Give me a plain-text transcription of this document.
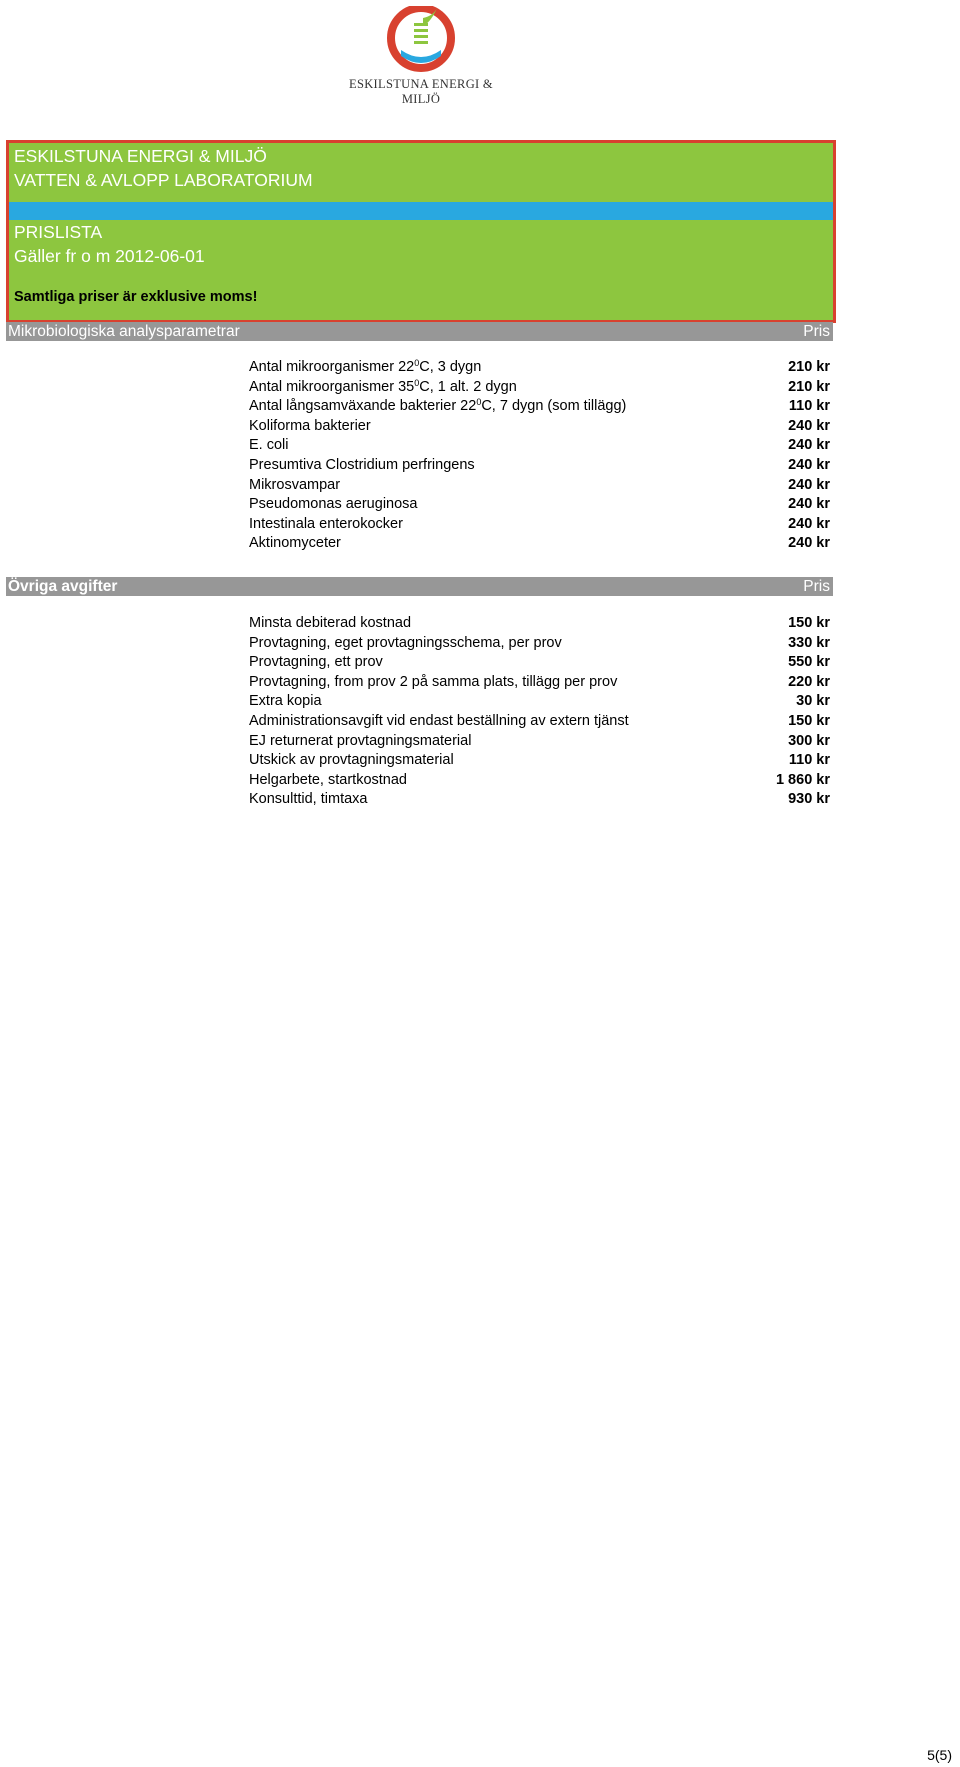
ESKILSTUNA ENERGI & MILJÖ
ESKILSTUNA ENERGI & MILJÖ
VATTEN & AVLOPP LABORATORIUM
PRISLISTA
Gäller fr o m 2012-06-01
Samtliga priser är exklusive moms!
Mikrobiologiska analysparametrar	Pris
Antal mikroorganismer $22^0C$, 3 dygn	210 kr
Antal mikroorganismer $35^0C$, 1 alt. 2 dygn	210 kr
Antal långsamväxande bakterier $22^0C$, 7 dygn (som tillägg)	110 kr
Koliforma bakterier	240 kr
E. coli	240 kr
Presumtiva Clostridium perfringens	240 kr
Mikrosvampar	240 kr
Pseudomonas aeruginosa	240 kr
Intestinala enterokocker	240 kr
Aktinomyceter	240 kr
Övriga avgifter	Pris
Minsta debiterad kostnad	150 kr
Provtagning, eget provtagningsschema, per prov	330 kr
Provtagning, ett prov	550 kr
Provtagning, from prov 2 på samma plats, tillägg per prov	220 kr
Extra kopia	30 kr
Administrationsavgift vid endast beställning av extern tjänst	150 kr
EJ returnerat provtagningsmaterial	300 kr
Utskick av provtagningsmaterial	110 kr
Helgarbete, startkostnad	1 860 kr
Konsulttid, timtaxa	930 kr
5(5)
